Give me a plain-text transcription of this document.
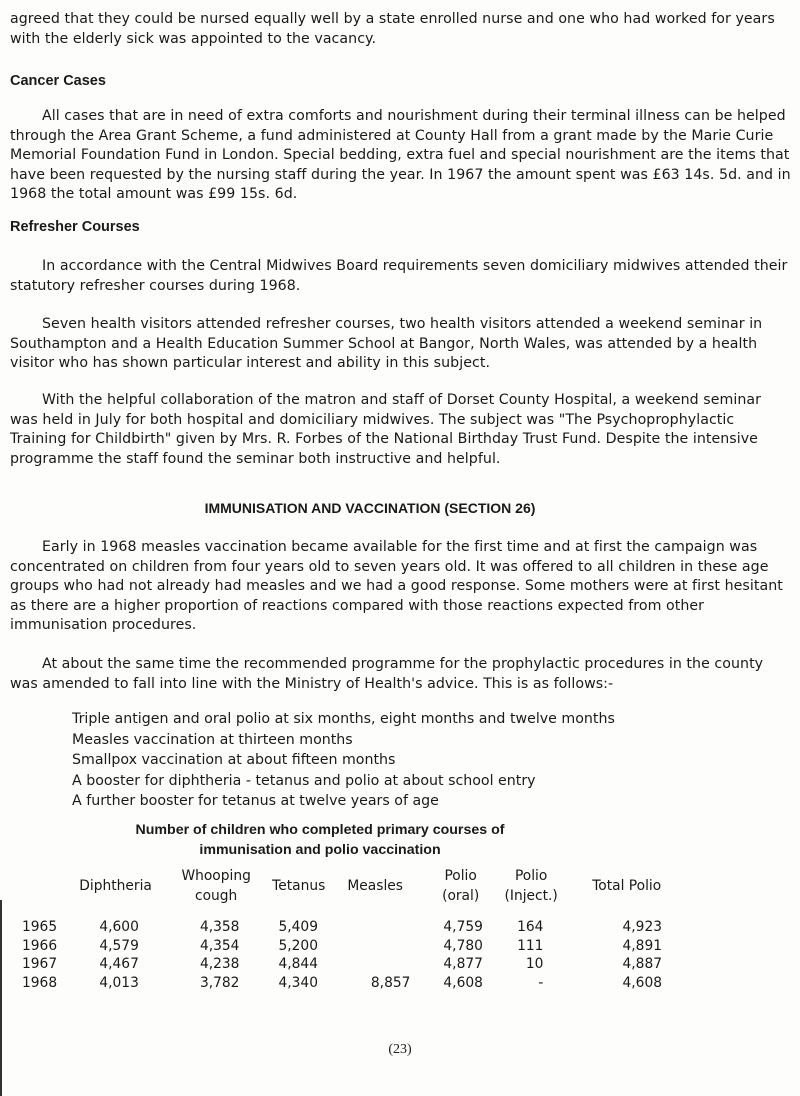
agreed that they could be nursed equally well by a state enrolled nurse and one who had worked for years with the elderly sick was appointed to the vacancy.

Cancer Cases

All cases that are in need of extra comforts and nourishment during their terminal illness can be helped through the Area Grant Scheme, a fund administered at County Hall from a grant made by the Marie Curie Memorial Foundation Fund in London. Special bedding, extra fuel and special nourishment are the items that have been requested by the nursing staff during the year. In 1967 the amount spent was £63 14s. 5d. and in 1968 the total amount was £99 15s. 6d.

Refresher Courses

In accordance with the Central Midwives Board requirements seven domiciliary midwives attended their statutory refresher courses during 1968.

Seven health visitors attended refresher courses, two health visitors attended a weekend seminar in Southampton and a Health Education Summer School at Bangor, North Wales, was attended by a health visitor who has shown particular interest and ability in this subject.

With the helpful collaboration of the matron and staff of Dorset County Hospital, a weekend seminar was held in July for both hospital and domiciliary midwives. The subject was "The Psychoprophylactic Training for Childbirth" given by Mrs. R. Forbes of the National Birthday Trust Fund. Despite the intensive programme the staff found the seminar both instructive and helpful.

IMMUNISATION AND VACCINATION (SECTION 26)

Early in 1968 measles vaccination became available for the first time and at first the campaign was concentrated on children from four years old to seven years old. It was offered to all children in these age groups who had not already had measles and we had a good response. Some mothers were at first hesitant as there are a higher proportion of reactions compared with those reactions expected from other immunisation procedures.

At about the same time the recommended programme for the prophylactic procedures in the county was amended to fall into line with the Ministry of Health's advice. This is as follows:-

Triple antigen and oral polio at six months, eight months and twelve months
Measles vaccination at thirteen months
Smallpox vaccination at about fifteen months
A booster for diphtheria - tetanus and polio at about school entry
A further booster for tetanus at twelve years of age
Number of children who completed primary courses of
immunisation and polio vaccination
	Diphtheria	Whooping cough	Tetanus	Measles	Polio (oral)	Polio (Inject.)	Total Polio
1965	4,600	4,358	5,409		4,759	164	4,923
1966	4,579	4,354	5,200		4,780	111	4,891
1967	4,467	4,238	4,844		4,877	10	4,887
1968	4,013	3,782	4,340	8,857	4,608	-	4,608
(23)
